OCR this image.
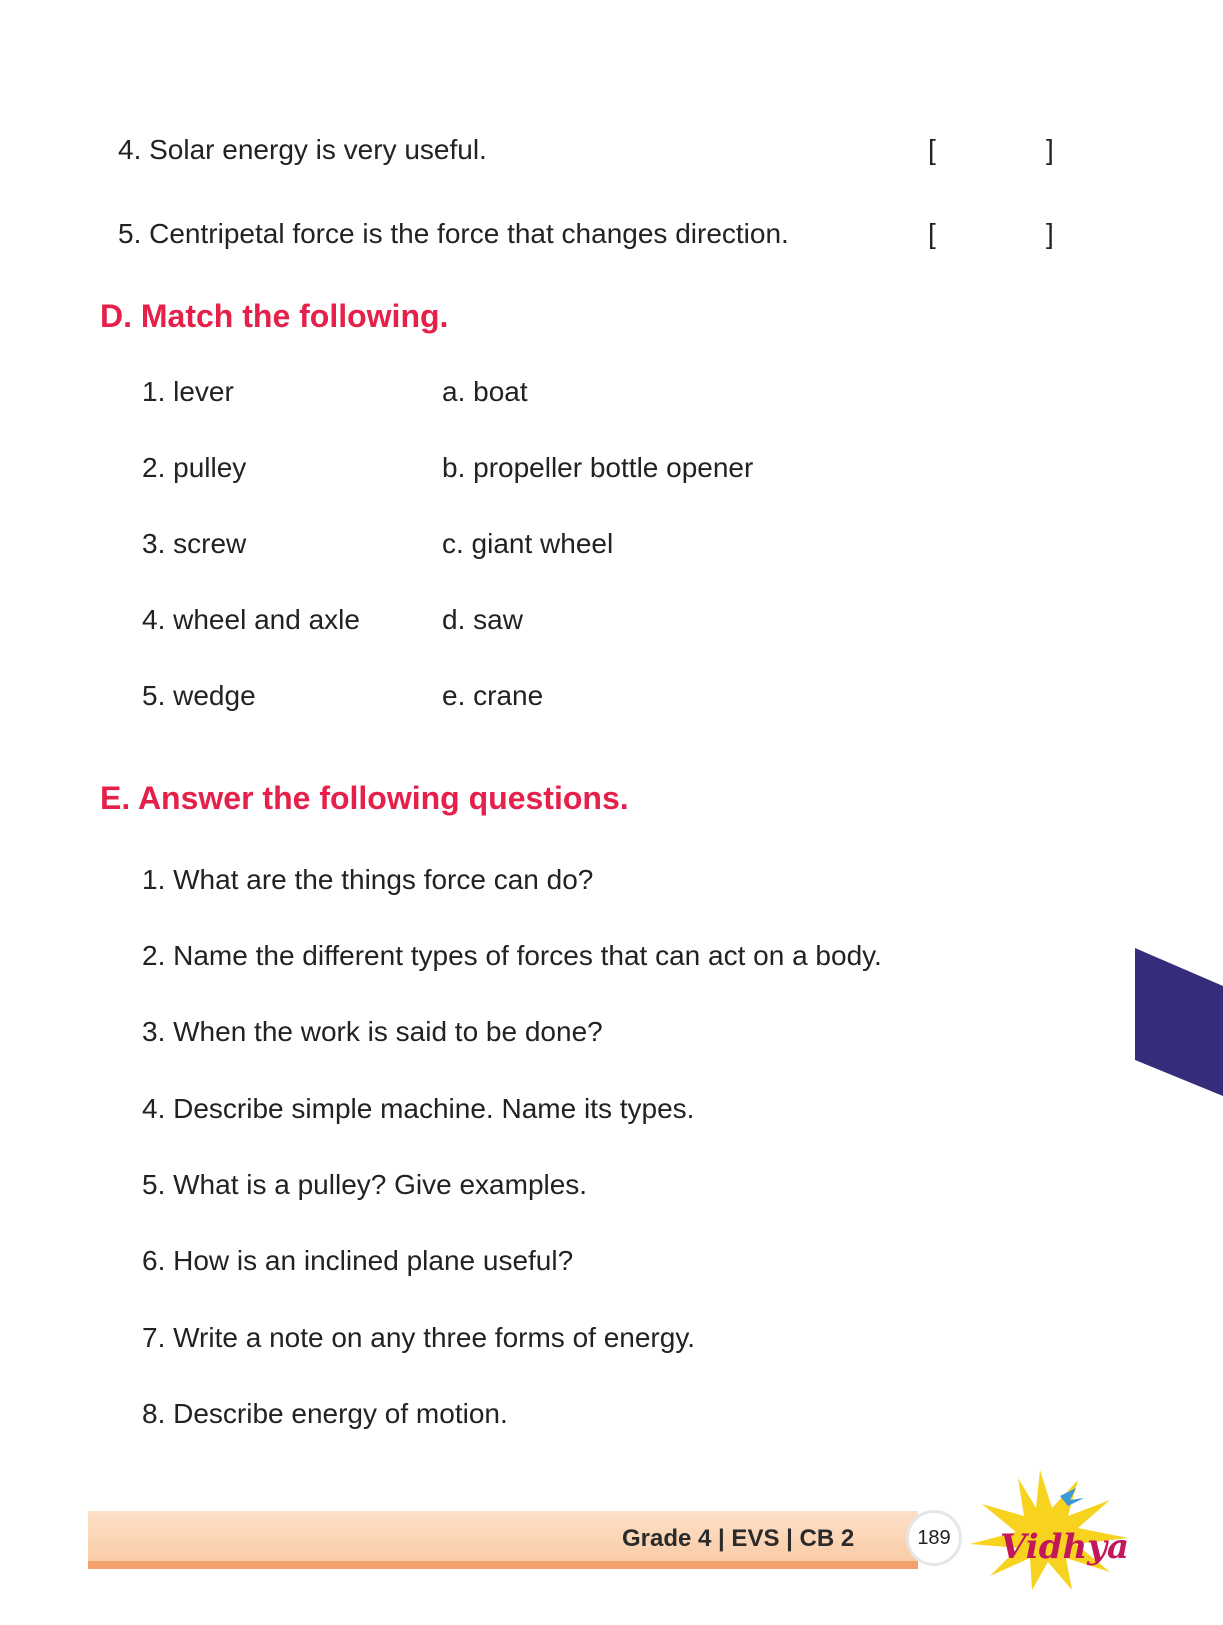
4. Solar energy is very useful.	[	]
5. Centripetal force is the force that changes direction.	[	]
D. Match the following.
1. lever	a. boat
2. pulley	b. propeller bottle opener
3. screw	c. giant wheel
4. wheel and axle	d. saw
5. wedge	e. crane
E. Answer the following questions.
1. What are the things force can do?
2. Name the different types of forces that can act on a body.
3. When the work is said to be done?
4. Describe simple machine. Name its types.
5. What is a pulley? Give examples.
6. How is an inclined plane useful?
7. Write a note on any three forms of energy.
8. Describe energy of motion.
Grade 4 | EVS | CB 2	189 Vidhya
